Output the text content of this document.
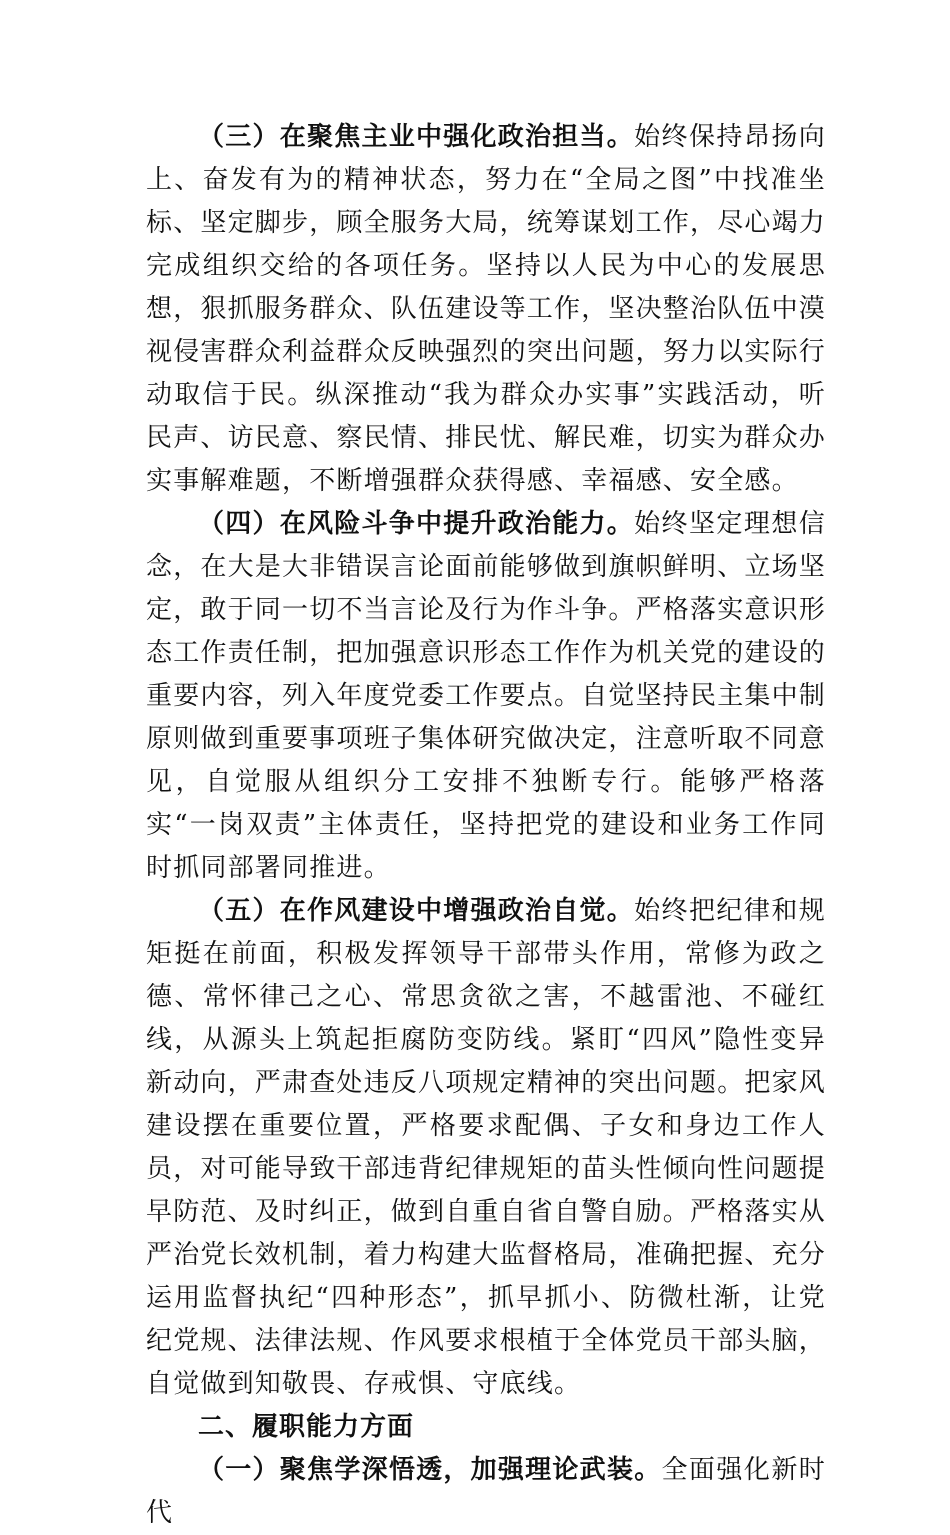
（三）在聚焦主业中强化政治担当。始终保持昂扬向上、奋发有为的精神状态，努力在“全局之图”中找准坐标、坚定脚步，顾全服务大局，统筹谋划工作，尽心竭力完成组织交给的各项任务。坚持以人民为中心的发展思想，狠抓服务群众、队伍建设等工作，坚决整治队伍中漠视侵害群众利益群众反映强烈的突出问题，努力以实际行动取信于民。纵深推动“我为群众办实事”实践活动，听民声、访民意、察民情、排民忧、解民难，切实为群众办实事解难题，不断增强群众获得感、幸福感、安全感。

（四）在风险斗争中提升政治能力。始终坚定理想信念，在大是大非错误言论面前能够做到旗帜鲜明、立场坚定，敢于同一切不当言论及行为作斗争。严格落实意识形态工作责任制，把加强意识形态工作作为机关党的建设的重要内容，列入年度党委工作要点。自觉坚持民主集中制原则做到重要事项班子集体研究做决定，注意听取不同意见，自觉服从组织分工安排不独断专行。能够严格落实“一岗双责”主体责任，坚持把党的建设和业务工作同时抓同部署同推进。

（五）在作风建设中增强政治自觉。始终把纪律和规矩挺在前面，积极发挥领导干部带头作用，常修为政之德、常怀律己之心、常思贪欲之害，不越雷池、不碰红线，从源头上筑起拒腐防变防线。紧盯“四风”隐性变异新动向，严肃查处违反八项规定精神的突出问题。把家风建设摆在重要位置，严格要求配偶、子女和身边工作人员，对可能导致干部违背纪律规矩的苗头性倾向性问题提早防范、及时纠正，做到自重自省自警自励。严格落实从严治党长效机制，着力构建大监督格局，准确把握、充分运用监督执纪“四种形态”，抓早抓小、防微杜渐，让党纪党规、法律法规、作风要求根植于全体党员干部头脑，自觉做到知敬畏、存戒惧、守底线。

二、履职能力方面

（一）聚焦学深悟透，加强理论武装。全面强化新时代
